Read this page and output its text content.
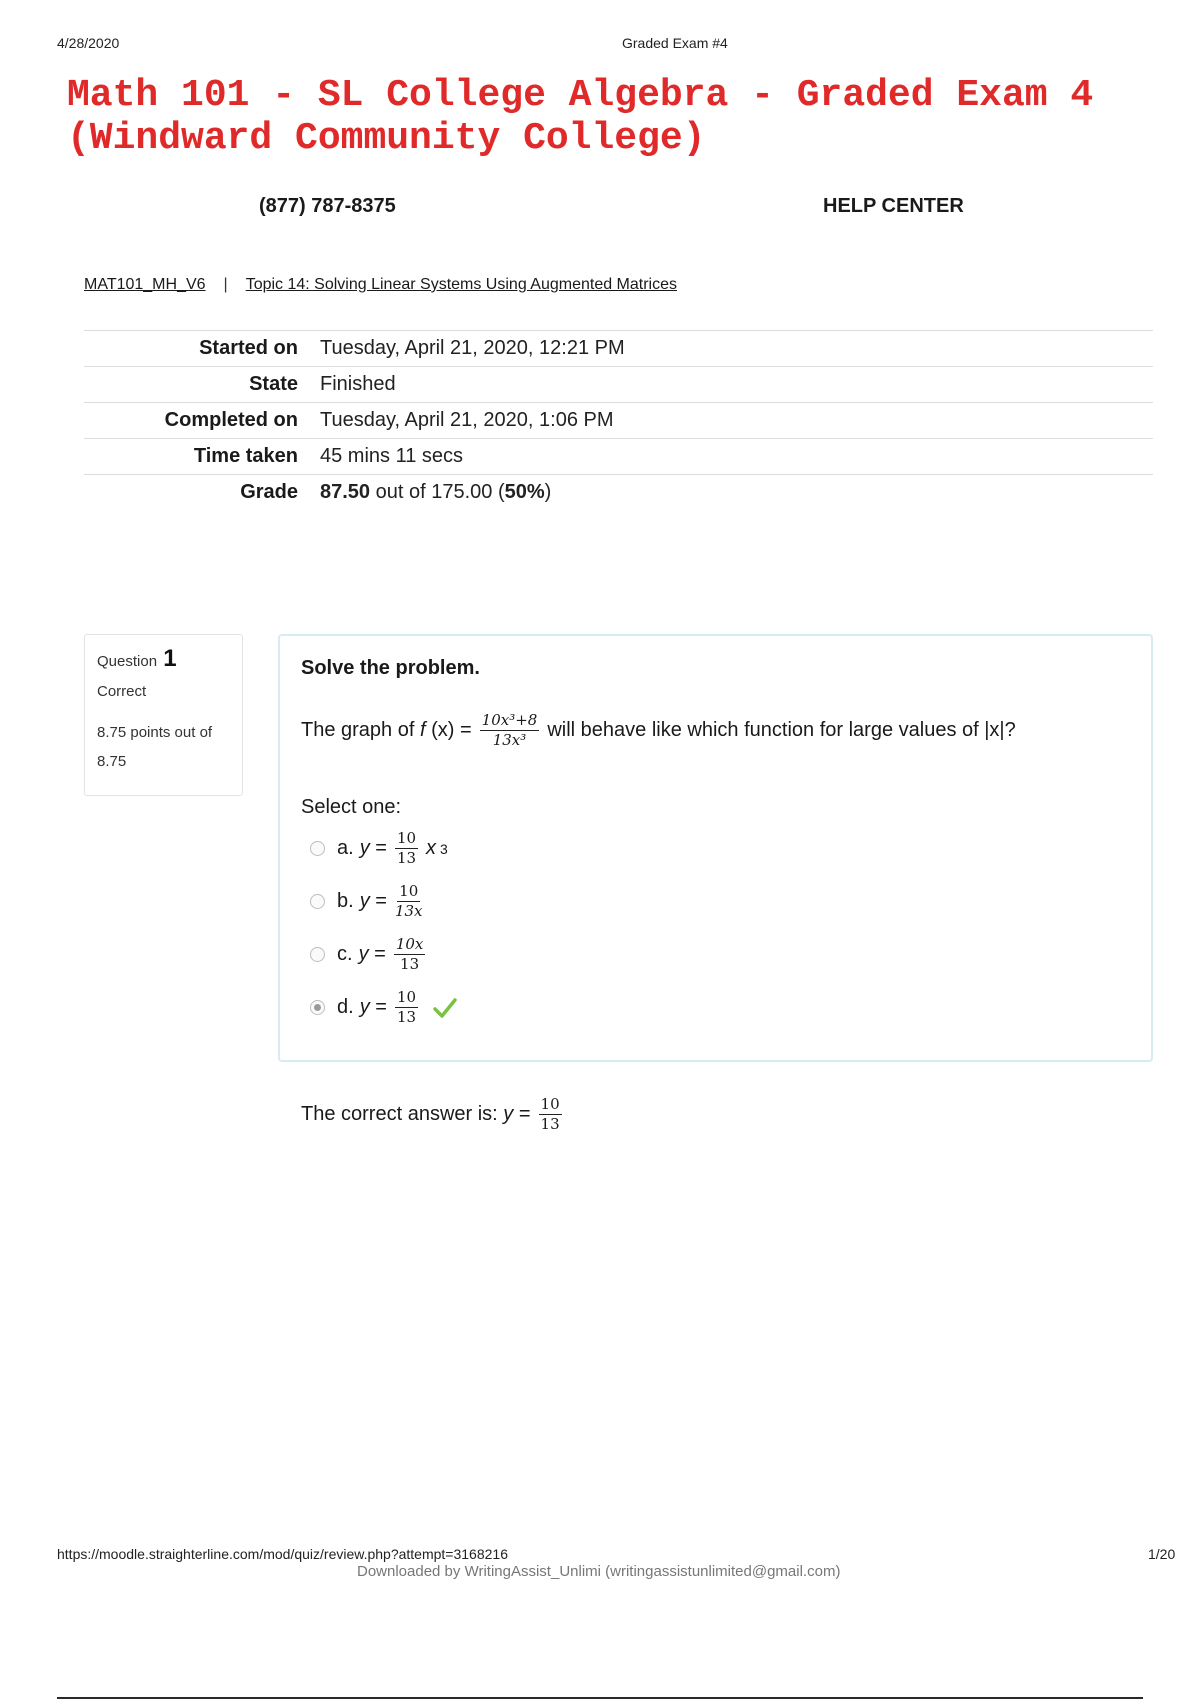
4/28/2020	Graded Exam #4
Math 101 - SL College Algebra - Graded Exam 4 (Windward Community College)
(877) 787-8375	HELP CENTER
MAT101_MH_V6 | Topic 14: Solving Linear Systems Using Augmented Matrices
Started on	Tuesday, April 21, 2020, 12:21 PM
State	Finished
Completed on	Tuesday, April 21, 2020, 1:06 PM
Time taken	45 mins 11 secs
Grade	87.50 out of 175.00 (50%)
Question 1
Correct
8.75 points out of 8.75
Solve the problem.
The graph of
f
$(x) = \frac{\text{10x³+8}}{\text{13x³}}$ will behave like which function for large values of |x|?
Select one:
a. y
= $\frac{10}{13}$ x 3
b. y
= $\frac{10}{13x}$
c. y
= $\frac{10x}{13}$
d. y
= $\frac{10}{13}$
The correct answer is:
y
= $\frac{10}{13}$
https://moodle.straighterline.com/mod/quiz/review.php?attempt=3168216	1/20
Downloaded by WritingAssist_Unlimi (writingassistunlimited@gmail.com)
